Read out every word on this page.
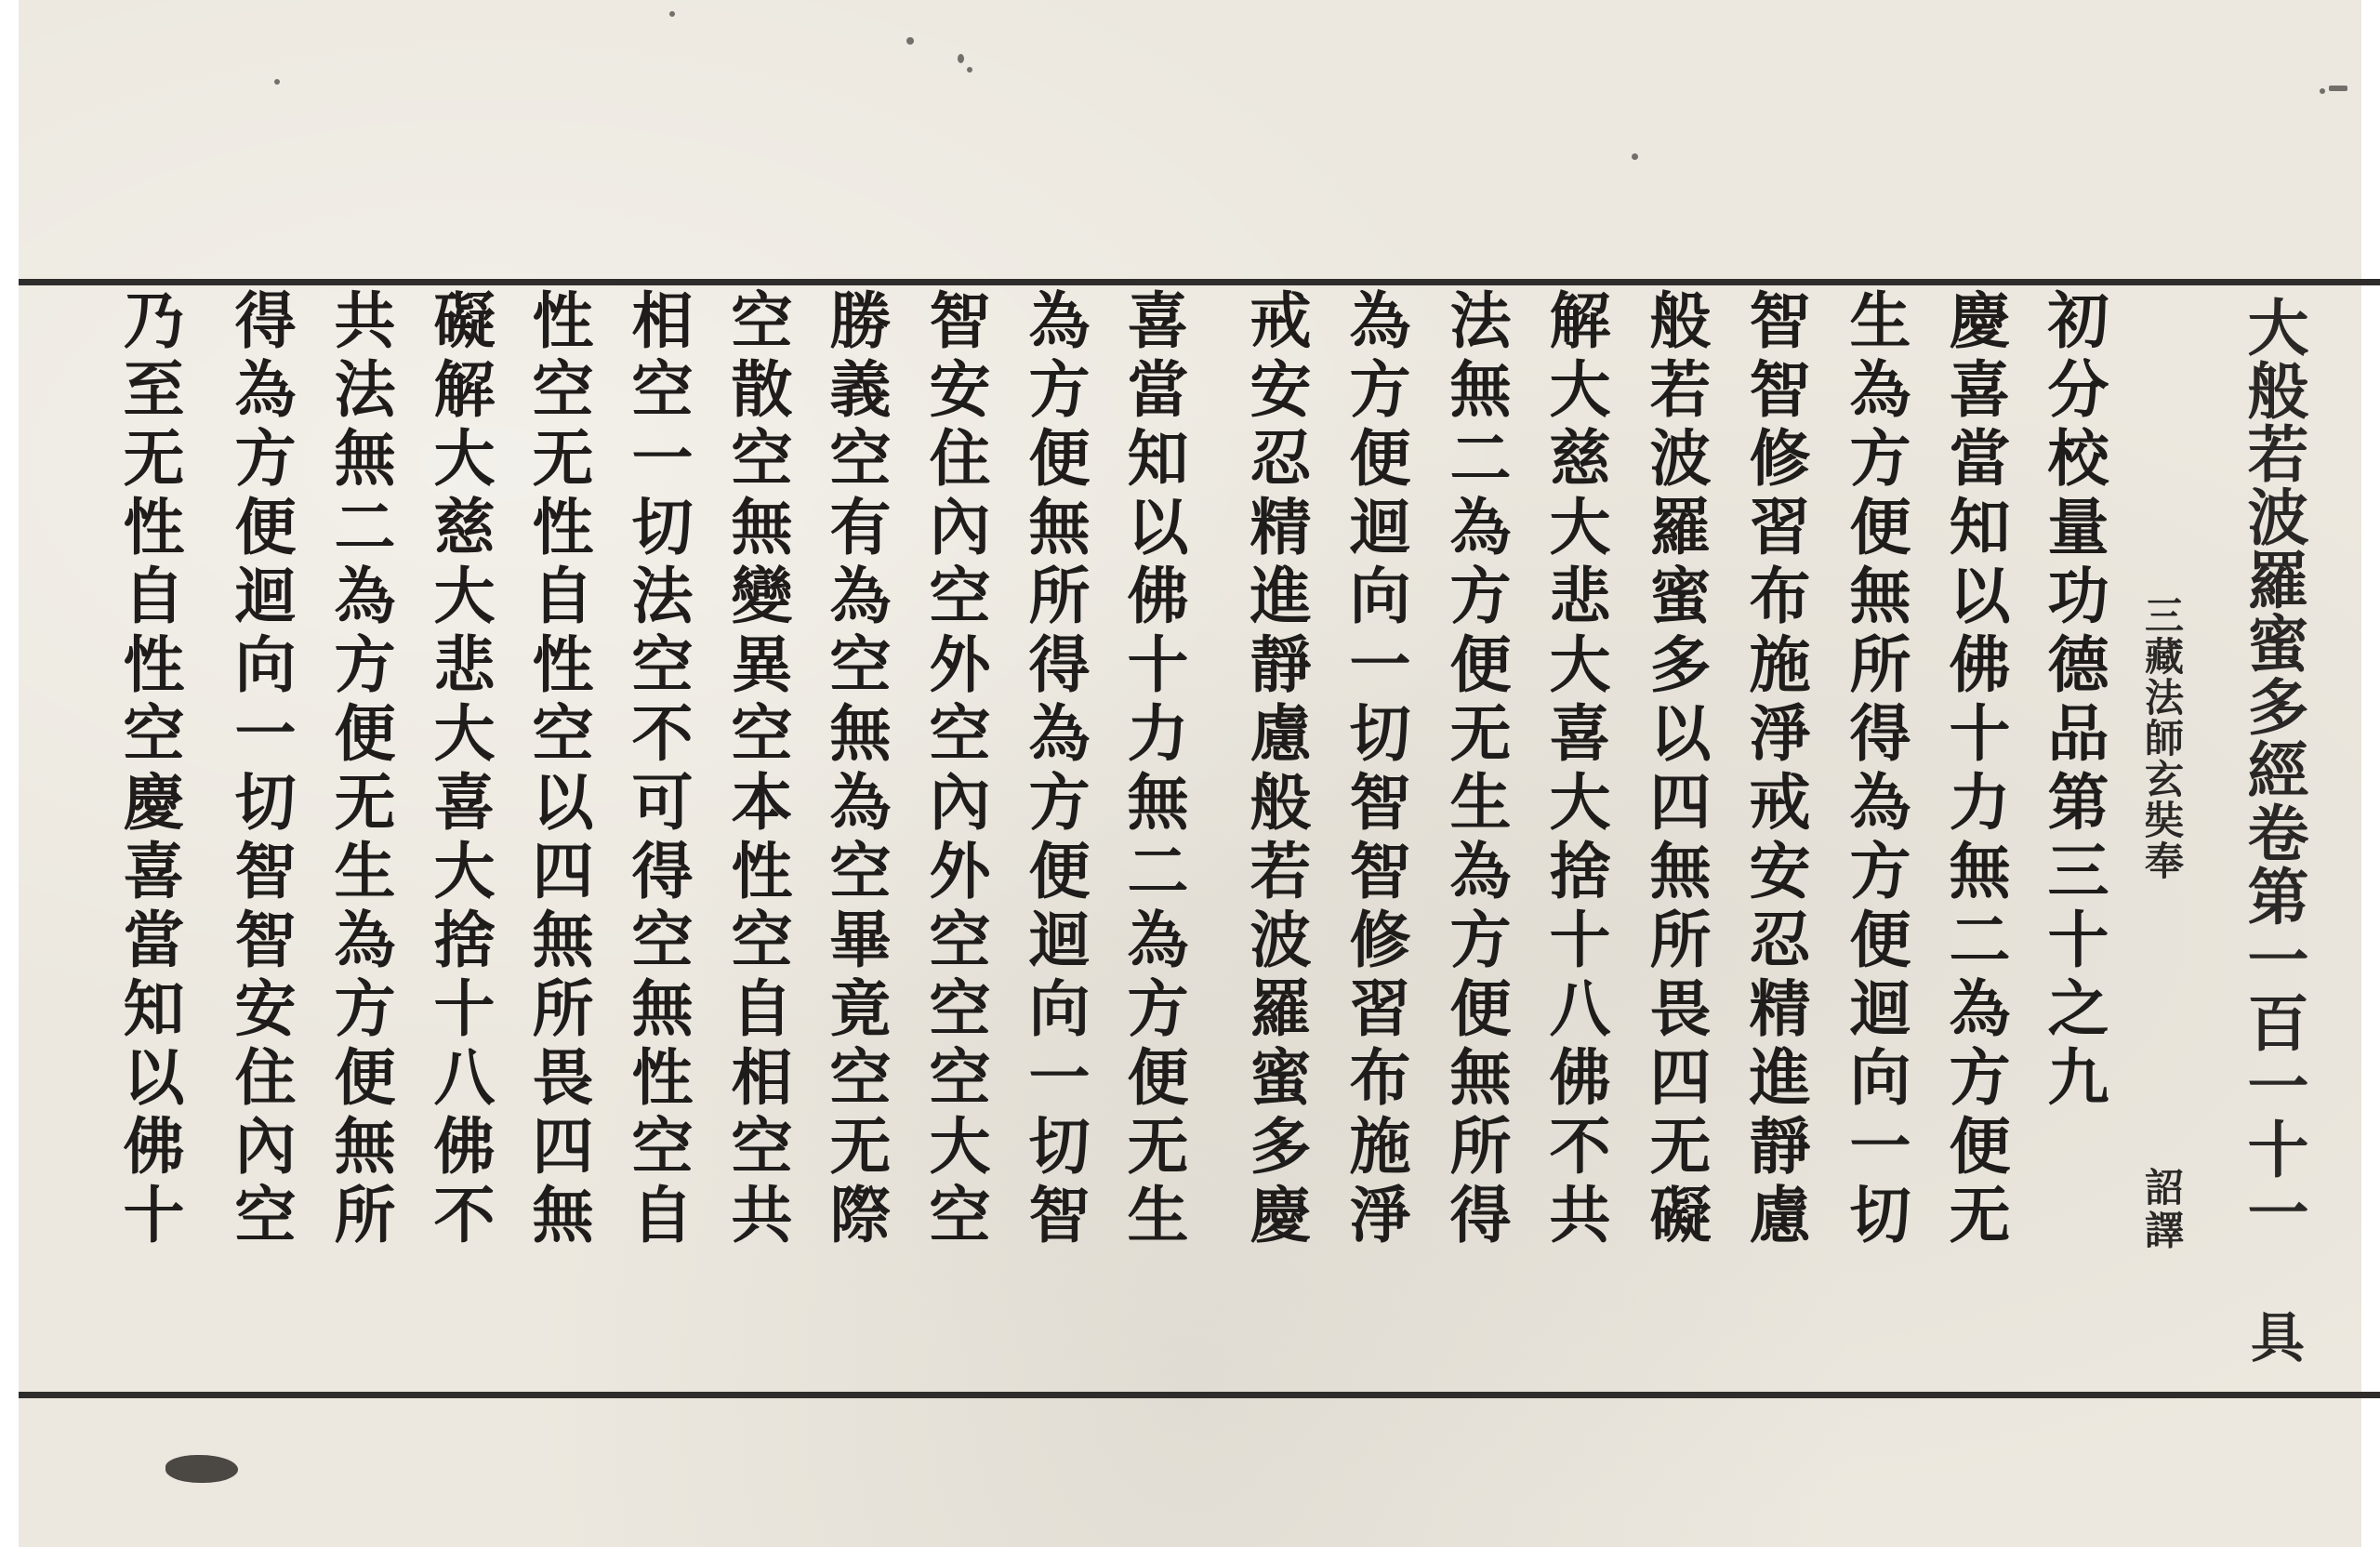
大般若波羅蜜多經卷第一百一十一
具
三藏法師玄奘奉
詔譯
初分校量功德品第三十之九
慶喜當知以佛十力無二為方便无
生為方便無所得為方便迴向一切
智智修習布施淨戒安忍精進靜慮
般若波羅蜜多以四無所畏四无礙
解大慈大悲大喜大捨十八佛不共
法無二為方便无生為方便無所得
為方便迴向一切智智修習布施淨
戒安忍精進靜慮般若波羅蜜多慶
喜當知以佛十力無二為方便无生
為方便無所得為方便迴向一切智
智安住內空外空內外空空空大空
勝義空有為空無為空畢竟空无際
空散空無變異空本性空自相空共
相空一切法空不可得空無性空自
性空无性自性空以四無所畏四無
礙解大慈大悲大喜大捨十八佛不
共法無二為方便无生為方便無所
得為方便迴向一切智智安住內空
乃至无性自性空慶喜當知以佛十
